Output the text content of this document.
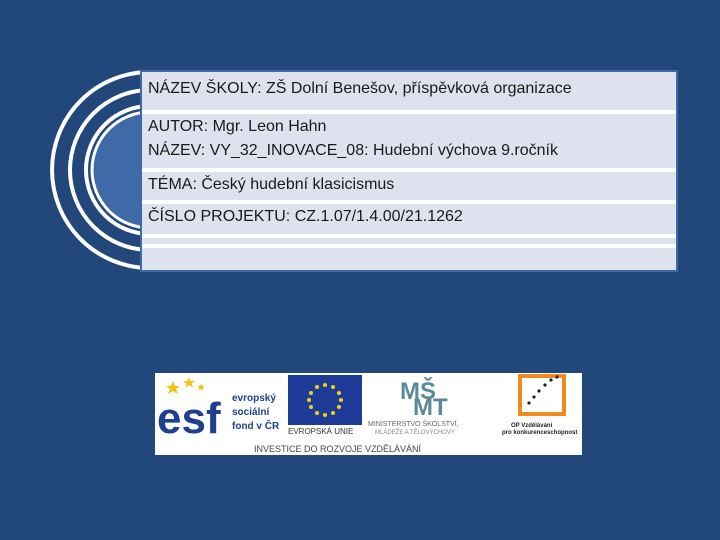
NÁZEV ŠKOLY: ZŠ Dolní Benešov, příspěvková organizace
AUTOR: Mgr. Leon Hahn
NÁZEV: VY_32_INOVACE_08: Hudební výchova 9.ročník
TÉMA: Český hudební klasicismus
ČÍSLO PROJEKTU: CZ.1.07/1.4.00/21.1262
esf evropský
sociální
fond v ČR EVROPSKÁ UNIE
MŠ
MT
MINISTERSTVO ŠKOLSTVÍ,
MLÁDEŽE A TĚLOVÝCHOVY
OP Vzdělávání
pro konkurenceschopnost
INVESTICE DO ROZVOJE VZDĚLÁVÁNÍ
